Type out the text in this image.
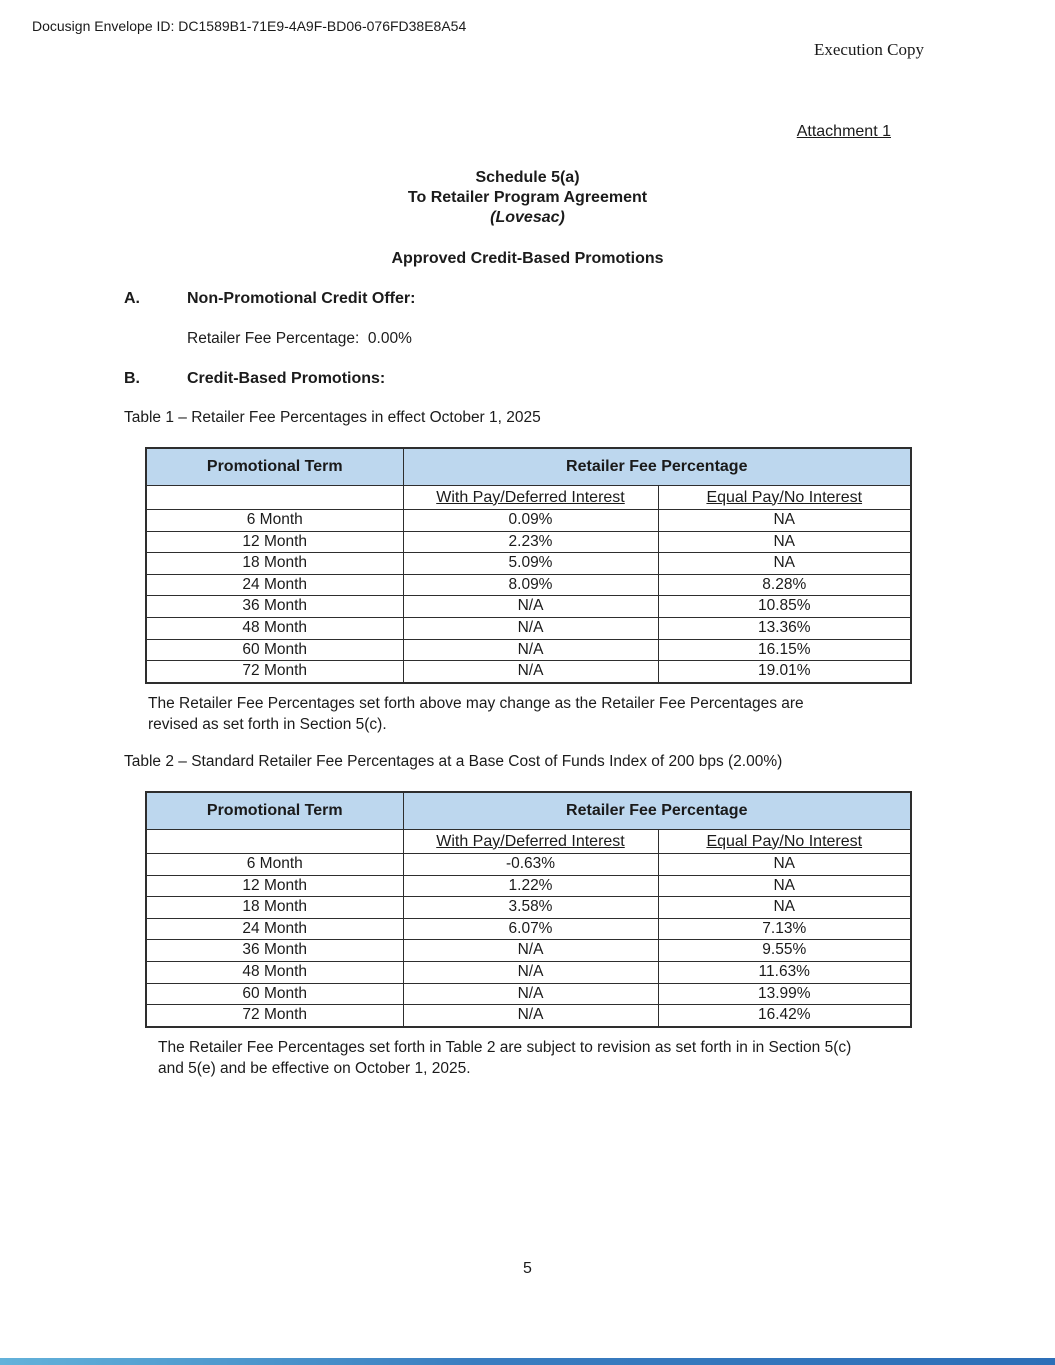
Docusign Envelope ID: DC1589B1-71E9-4A9F-BD06-076FD38E8A54
Execution Copy
Attachment 1
Schedule 5(a)
To Retailer Program Agreement
(Lovesac)
Approved Credit-Based Promotions
A.	Non-Promotional Credit Offer:
Retailer Fee Percentage:  0.00%
B.	Credit-Based Promotions:
Table 1 – Retailer Fee Percentages in effect October 1, 2025
Promotional Term	Retailer Fee Percentage	
	With Pay/Deferred Interest	Equal Pay/No Interest
6 Month	0.09%	NA
12 Month	2.23%	NA
18 Month	5.09%	NA
24 Month	8.09%	8.28%
36 Month	N/A	10.85%
48 Month	N/A	13.36%
60 Month	N/A	16.15%
72 Month	N/A	19.01%
The Retailer Fee Percentages set forth above may change as the Retailer Fee Percentages are
revised as set forth in Section 5(c).
Table 2 – Standard Retailer Fee Percentages at a Base Cost of Funds Index of 200 bps (2.00%)
Promotional Term	Retailer Fee Percentage	
	With Pay/Deferred Interest	Equal Pay/No Interest
6 Month	-0.63%	NA
12 Month	1.22%	NA
18 Month	3.58%	NA
24 Month	6.07%	7.13%
36 Month	N/A	9.55%
48 Month	N/A	11.63%
60 Month	N/A	13.99%
72 Month	N/A	16.42%
The Retailer Fee Percentages set forth in Table 2 are subject to revision as set forth in in Section 5(c)
and 5(e) and be effective on October 1, 2025.
5
